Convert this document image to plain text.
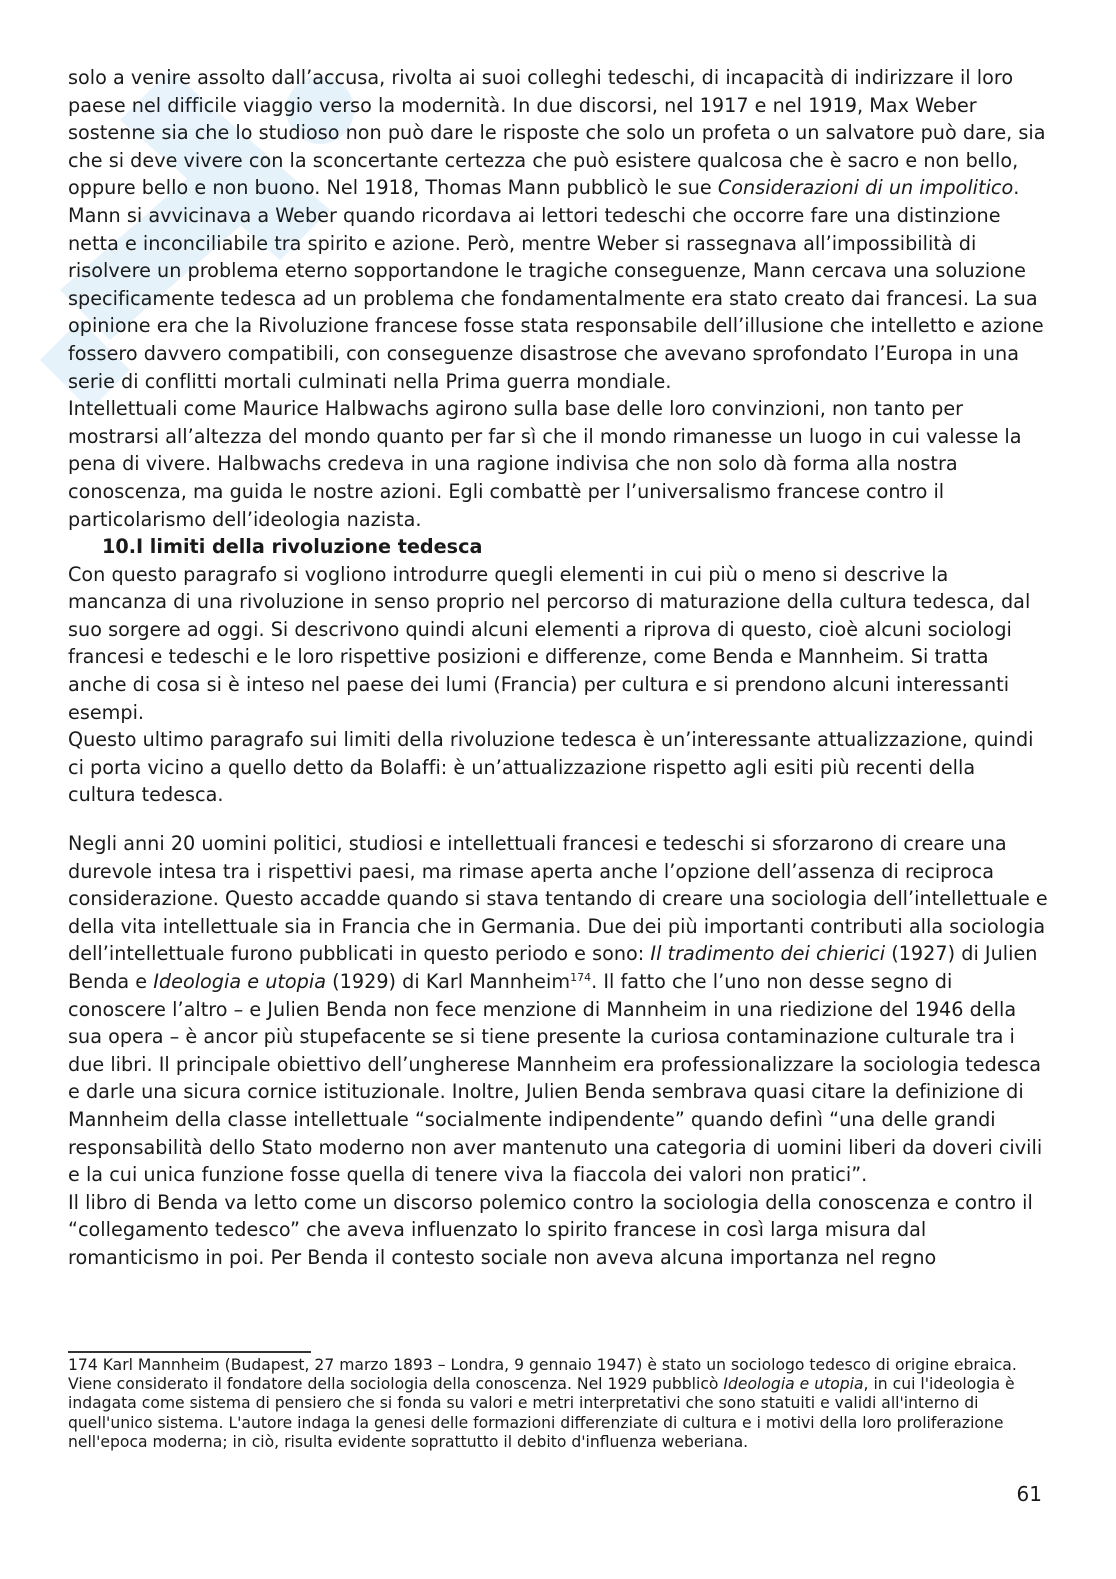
solo a venire assolto dall’accusa, rivolta ai suoi colleghi tedeschi, di incapacità di indirizzare il loro paese nel difficile viaggio verso la modernità. In due discorsi, nel 1917 e nel 1919, Max Weber sostenne sia che lo studioso non può dare le risposte che solo un profeta o un salvatore può dare, sia che si deve vivere con la sconcertante certezza che può esistere qualcosa che è sacro e non bello, oppure bello e non buono. Nel 1918, Thomas Mann pubblicò le sue Considerazioni di un impolitico. Mann si avvicinava a Weber quando ricordava ai lettori tedeschi che occorre fare una distinzione netta e inconciliabile tra spirito e azione. Però, mentre Weber si rassegnava all’impossibilità di risolvere un problema eterno sopportandone le tragiche conseguenze, Mann cercava una soluzione specificamente tedesca ad un problema che fondamentalmente era stato creato dai francesi. La sua opinione era che la Rivoluzione francese fosse stata responsabile dell’illusione che intelletto e azione fossero davvero compatibili, con conseguenze disastrose che avevano sprofondato l’Europa in una serie di conflitti mortali culminati nella Prima guerra mondiale.

Intellettuali come Maurice Halbwachs agirono sulla base delle loro convinzioni, non tanto per mostrarsi all’altezza del mondo quanto per far sì che il mondo rimanesse un luogo in cui valesse la pena di vivere. Halbwachs credeva in una ragione indivisa che non solo dà forma alla nostra conoscenza, ma guida le nostre azioni. Egli combattè per l’universalismo francese contro il particolarismo dell’ideologia nazista.

10.I limiti della rivoluzione tedesca

Con questo paragrafo si vogliono introdurre quegli elementi in cui più o meno si descrive la mancanza di una rivoluzione in senso proprio nel percorso di maturazione della cultura tedesca, dal suo sorgere ad oggi. Si descrivono quindi alcuni elementi a riprova di questo, cioè alcuni sociologi francesi e tedeschi e le loro rispettive posizioni e differenze, come Benda e Mannheim. Si tratta anche di cosa si è inteso nel paese dei lumi (Francia) per cultura e si prendono alcuni interessanti esempi.

Questo ultimo paragrafo sui limiti della rivoluzione tedesca è un’interessante attualizzazione, quindi ci porta vicino a quello detto da Bolaffi: è un’attualizzazione rispetto agli esiti più recenti della cultura tedesca.

Negli anni 20 uomini politici, studiosi e intellettuali francesi e tedeschi si sforzarono di creare una durevole intesa tra i rispettivi paesi, ma rimase aperta anche l’opzione dell’assenza di reciproca considerazione. Questo accadde quando si stava tentando di creare una sociologia dell’intellettuale e della vita intellettuale sia in Francia che in Germania. Due dei più importanti contributi alla sociologia dell’intellettuale furono pubblicati in questo periodo e sono: Il tradimento dei chierici (1927) di Julien Benda e Ideologia e utopia (1929) di Karl Mannheim$^{174}$. Il fatto che l’uno non desse segno di conoscere l’altro – e Julien Benda non fece menzione di Mannheim in una riedizione del 1946 della sua opera – è ancor più stupefacente se si tiene presente la curiosa contaminazione culturale tra i due libri. Il principale obiettivo dell’ungherese Mannheim era professionalizzare la sociologia tedesca e darle una sicura cornice istituzionale. Inoltre, Julien Benda sembrava quasi citare la definizione di Mannheim della classe intellettuale “socialmente indipendente” quando definì “una delle grandi responsabilità dello Stato moderno non aver mantenuto una categoria di uomini liberi da doveri civili e la cui unica funzione fosse quella di tenere viva la fiaccola dei valori non pratici”.

Il libro di Benda va letto come un discorso polemico contro la sociologia della conoscenza e contro il “collegamento tedesco” che aveva influenzato lo spirito francese in così larga misura dal romanticismo in poi. Per Benda il contesto sociale non aveva alcuna importanza nel regno

174 Karl Mannheim (Budapest, 27 marzo 1893 – Londra, 9 gennaio 1947) è stato un sociologo tedesco di origine ebraica. Viene considerato il fondatore della sociologia della conoscenza. Nel 1929 pubblicò Ideologia e utopia, in cui l'ideologia è indagata come sistema di pensiero che si fonda su valori e metri interpretativi che sono statuiti e validi all'interno di quell'unico sistema. L'autore indaga la genesi delle formazioni differenziate di cultura e i motivi della loro proliferazione nell'epoca moderna; in ciò, risulta evidente soprattutto il debito d'influenza weberiana.

61
